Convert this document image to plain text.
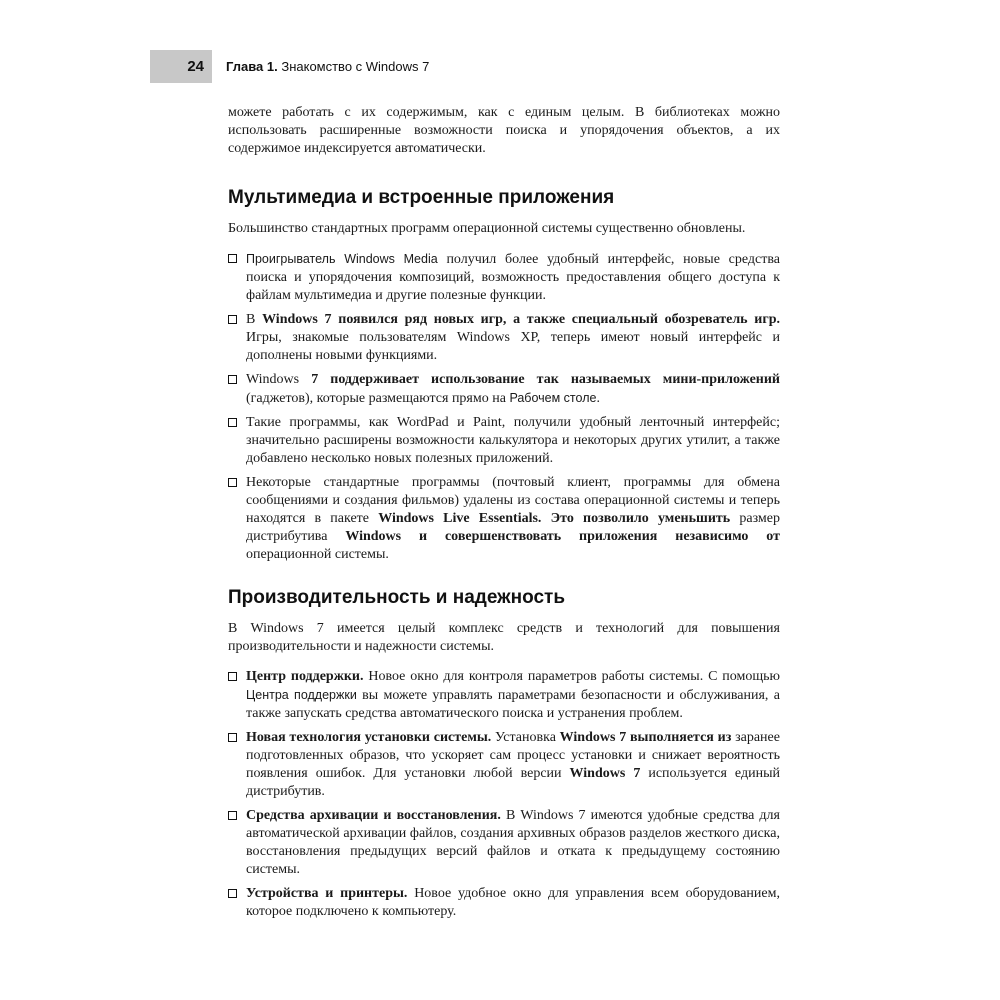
24	Глава 1. Знакомство с Windows 7

можете работать с их содержимым, как с единым целым. В библиотеках можно использовать расширенные возможности поиска и упорядочения объектов, а их содержимое индексируется автоматически.

Мультимедиа и встроенные приложения

Большинство стандартных программ операционной системы существенно обновлены.

Проигрыватель Windows Media получил более удобный интерфейс, новые средства поиска и упорядочения композиций, возможность предоставления общего доступа к файлам мультимедиа и другие полезные функции.
В Windows 7 появился ряд новых игр, а также специальный обозреватель игр. Игры, знакомые пользователям Windows XP, теперь имеют новый интерфейс и дополнены новыми функциями.
Windows 7 поддерживает использование так называемых мини-приложений (гаджетов), которые размещаются прямо на Рабочем столе.
Такие программы, как WordPad и Paint, получили удобный ленточный интерфейс; значительно расширены возможности калькулятора и некоторых других утилит, а также добавлено несколько новых полезных приложений.
Некоторые стандартные программы (почтовый клиент, программы для обмена сообщениями и создания фильмов) удалены из состава операционной системы и теперь находятся в пакете Windows Live Essentials. Это позволило уменьшить размер дистрибутива Windows и совершенствовать приложения независимо от операционной системы.
Производительность и надежность

В Windows 7 имеется целый комплекс средств и технологий для повышения производительности и надежности системы.

Центр поддержки. Новое окно для контроля параметров работы системы. С помощью Центра поддержки вы можете управлять параметрами безопасности и обслуживания, а также запускать средства автоматического поиска и устранения проблем.
Новая технология установки системы. Установка Windows 7 выполняется из заранее подготовленных образов, что ускоряет сам процесс установки и снижает вероятность появления ошибок. Для установки любой версии Windows 7 используется единый дистрибутив.
Средства архивации и восстановления. В Windows 7 имеются удобные средства для автоматической архивации файлов, создания архивных образов разделов жесткого диска, восстановления предыдущих версий файлов и отката к предыдущему состоянию системы.
Устройства и принтеры. Новое удобное окно для управления всем оборудованием, которое подключено к компьютеру.
